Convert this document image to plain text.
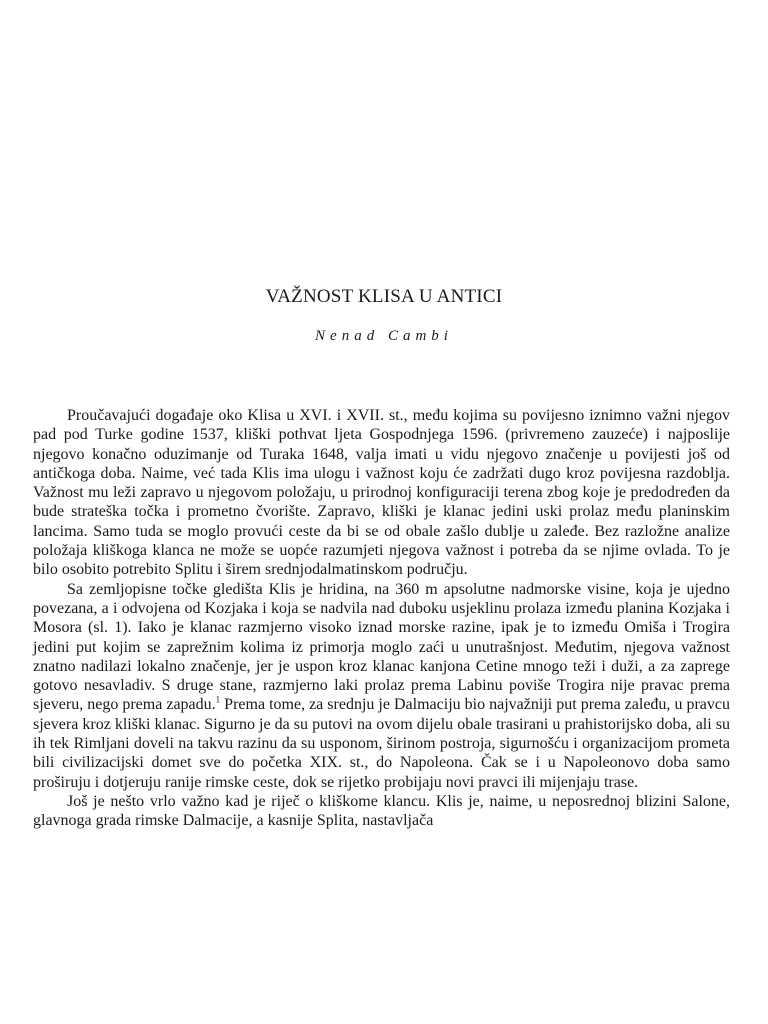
VAŽNOST KLISA U ANTICI
Nenad Cambi

Proučavajući događaje oko Klisa u XVI. i XVII. st., među kojima su povijesno iznimno važni njegov pad pod Turke godine 1537, kliški pothvat ljeta Gospodnjega 1596. (privremeno zauzeće) i najposlije njegovo konačno oduzimanje od Turaka 1648, valja imati u vidu njegovo značenje u povijesti još od antičkoga doba. Naime, već tada Klis ima ulogu i važnost koju će zadržati dugo kroz povijesna razdoblja. Važnost mu leži zapravo u njegovom položaju, u prirodnoj konfiguraciji terena zbog koje je predodređen da bude strateška točka i prometno čvorište. Zapravo, kliški je klanac jedini uski prolaz među planinskim lancima. Samo tuda se moglo provući ceste da bi se od obale zašlo dublje u zaleđe. Bez razložne analize položaja kliškoga klanca ne može se uopće razumjeti njegova važnost i potreba da se njime ovlada. To je bilo osobito potrebito Splitu i širem srednjodalmatinskom području.

Sa zemljopisne točke gledišta Klis je hridina, na 360 m apsolutne nadmorske visine, koja je ujedno povezana, a i odvojena od Kozjaka i koja se nadvila nad duboku usjeklinu prolaza između planina Kozjaka i Mosora (sl. 1). Iako je klanac razmjerno visoko iznad morske razine, ipak je to između Omiša i Trogira jedini put kojim se zaprežnim kolima iz primorja moglo zaći u unutrašnjost. Međutim, njegova važnost znatno nadilazi lokalno značenje, jer je uspon kroz klanac kanjona Cetine mnogo teži i duži, a za zaprege gotovo nesavladiv. S druge stane, razmjerno laki prolaz prema Labinu poviše Trogira nije pravac prema sjeveru, nego prema zapadu.$^1$ Prema tome, za srednju je Dalmaciju bio najvažniji put prema zaleđu, u pravcu sjevera kroz kliški klanac. Sigurno je da su putovi na ovom dijelu obale trasirani u prahistorijsko doba, ali su ih tek Rimljani doveli na takvu razinu da su usponom, širinom postroja, sigurnošću i organizacijom prometa bili civilizacijski domet sve do početka XIX. st., do Napoleona. Čak se i u Napoleonovo doba samo proširuju i dotjeruju ranije rimske ceste, dok se rijetko probijaju novi pravci ili mijenjaju trase.

Još je nešto vrlo važno kad je riječ o kliškome klancu. Klis je, naime, u neposrednoj blizini Salone, glavnoga grada rimske Dalmacije, a kasnije Splita, nastavljača
